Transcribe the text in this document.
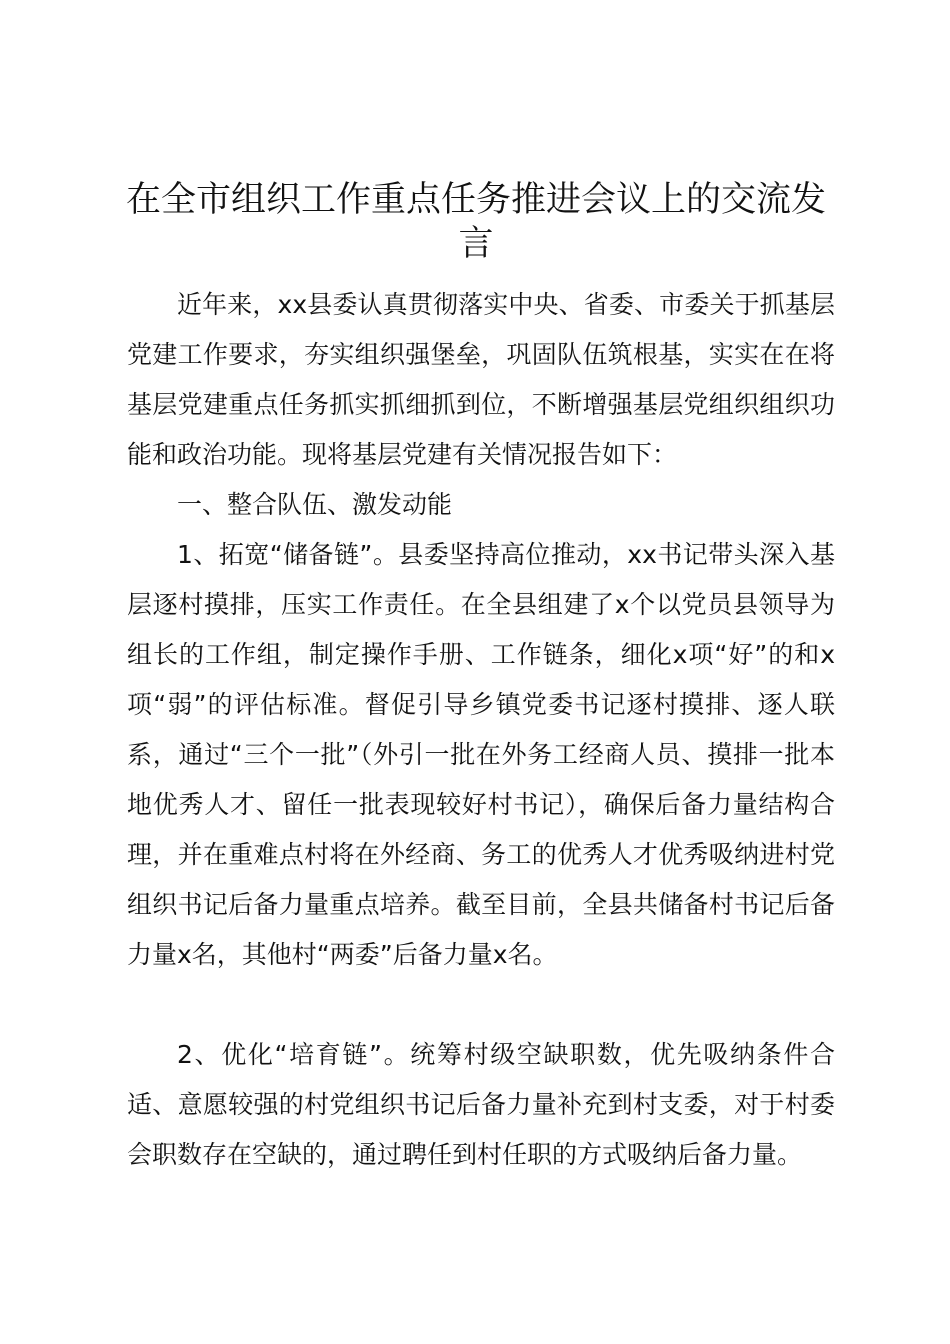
在全市组织工作重点任务推进会议上的交流发言

近年来，xx县委认真贯彻落实中央、省委、市委关于抓基层党建工作要求，夯实组织强堡垒，巩固队伍筑根基，实实在在将基层党建重点任务抓实抓细抓到位，不断增强基层党组织组织功能和政治功能。现将基层党建有关情况报告如下：

一、整合队伍、激发动能

1、拓宽“储备链”。县委坚持高位推动，xx书记带头深入基层逐村摸排，压实工作责任。在全县组建了x个以党员县领导为组长的工作组，制定操作手册、工作链条，细化x项“好”的和x项“弱”的评估标准。督促引导乡镇党委书记逐村摸排、逐人联系，通过“三个一批”（外引一批在外务工经商人员、摸排一批本地优秀人才、留任一批表现较好村书记），确保后备力量结构合理，并在重难点村将在外经商、务工的优秀人才优秀吸纳进村党组织书记后备力量重点培养。截至目前，全县共储备村书记后备力量x名，其他村“两委”后备力量x名。

2、优化“培育链”。统筹村级空缺职数，优先吸纳条件合适、意愿较强的村党组织书记后备力量补充到村支委，对于村委会职数存在空缺的，通过聘任到村任职的方式吸纳后备力量。
